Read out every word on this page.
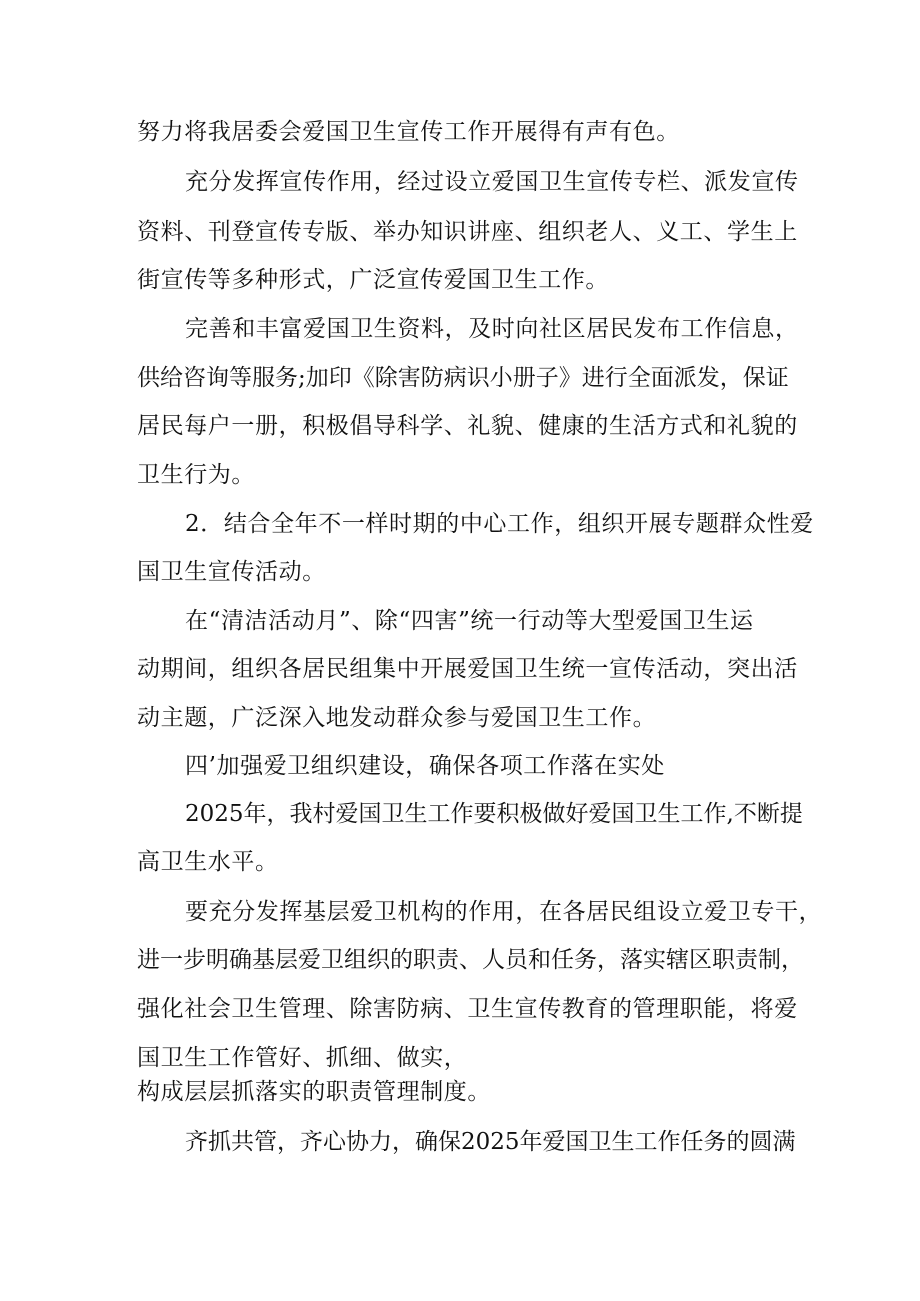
努力将我居委会爱国卫生宣传工作开展得有声有色。
充分发挥宣传作用，经过设立爱国卫生宣传专栏、派发宣传
资料、刊登宣传专版、举办知识讲座、组织老人、义工、学生上
街宣传等多种形式，广泛宣传爱国卫生工作。
完善和丰富爱国卫生资料，及时向社区居民发布工作信息，
供给咨询等服务;加印《除害防病识小册子》进行全面派发，保证
居民每户一册，积极倡导科学、礼貌、健康的生活方式和礼貌的
卫生行为。
2．结合全年不一样时期的中心工作，组织开展专题群众性爱
国卫生宣传活动。
在“清洁活动月”、除“四害”统一行动等大型爱国卫生运
动期间，组织各居民组集中开展爱国卫生统一宣传活动，突出活
动主题，广泛深入地发动群众参与爱国卫生工作。
四’加强爱卫组织建设，确保各项工作落在实处
2025年，我村爱国卫生工作要积极做好爱国卫生工作,不断提
高卫生水平。
要充分发挥基层爱卫机构的作用，在各居民组设立爱卫专干，
进一步明确基层爱卫组织的职责、人员和任务，落实辖区职责制，
强化社会卫生管理、除害防病、卫生宣传教育的管理职能，将爱
国卫生工作管好、抓细、做实，
构成层层抓落实的职责管理制度。
齐抓共管，齐心协力，确保2025年爱国卫生工作任务的圆满
